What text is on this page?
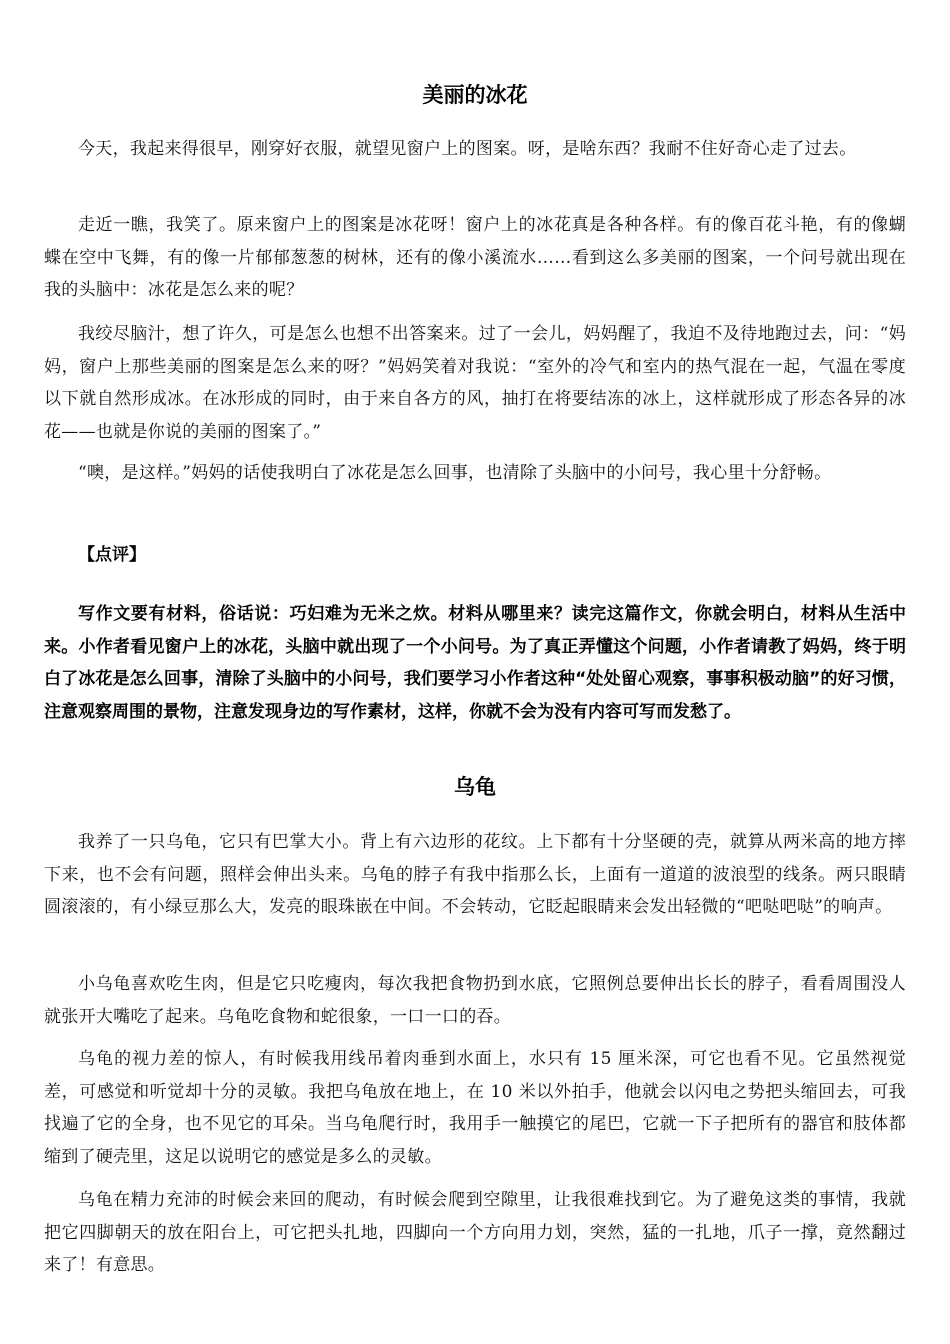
美丽的冰花

今天，我起来得很早，刚穿好衣服，就望见窗户上的图案。呀，是啥东西？我耐不住好奇心走了过去。

走近一瞧，我笑了。原来窗户上的图案是冰花呀！窗户上的冰花真是各种各样。有的像百花斗艳，有的像蝴蝶在空中飞舞，有的像一片郁郁葱葱的树林，还有的像小溪流水……看到这么多美丽的图案，一个问号就出现在我的头脑中：冰花是怎么来的呢？

我绞尽脑汁，想了许久，可是怎么也想不出答案来。过了一会儿，妈妈醒了，我迫不及待地跑过去，问：“妈妈，窗户上那些美丽的图案是怎么来的呀？”妈妈笑着对我说：“室外的冷气和室内的热气混在一起，气温在零度以下就自然形成冰。在冰形成的同时，由于来自各方的风，抽打在将要结冻的冰上，这样就形成了形态各异的冰花——也就是你说的美丽的图案了。”

“噢，是这样。”妈妈的话使我明白了冰花是怎么回事，也清除了头脑中的小问号，我心里十分舒畅。

【点评】

写作文要有材料，俗话说：巧妇难为无米之炊。材料从哪里来？读完这篇作文，你就会明白，材料从生活中来。小作者看见窗户上的冰花，头脑中就出现了一个小问号。为了真正弄懂这个问题，小作者请教了妈妈，终于明白了冰花是怎么回事，清除了头脑中的小问号，我们要学习小作者这种“处处留心观察，事事积极动脑”的好习惯，注意观察周围的景物，注意发现身边的写作素材，这样，你就不会为没有内容可写而发愁了。

乌龟

我养了一只乌龟，它只有巴掌大小。背上有六边形的花纹。上下都有十分坚硬的壳，就算从两米高的地方摔下来，也不会有问题，照样会伸出头来。乌龟的脖子有我中指那么长，上面有一道道的波浪型的线条。两只眼睛圆滚滚的，有小绿豆那么大，发亮的眼珠嵌在中间。不会转动，它眨起眼睛来会发出轻微的“吧哒吧哒”的响声。

小乌龟喜欢吃生肉，但是它只吃瘦肉，每次我把食物扔到水底，它照例总要伸出长长的脖子，看看周围没人就张开大嘴吃了起来。乌龟吃食物和蛇很象，一口一口的吞。

乌龟的视力差的惊人，有时候我用线吊着肉垂到水面上，水只有 15 厘米深，可它也看不见。它虽然视觉差，可感觉和听觉却十分的灵敏。我把乌龟放在地上，在 10 米以外拍手，他就会以闪电之势把头缩回去，可我找遍了它的全身，也不见它的耳朵。当乌龟爬行时，我用手一触摸它的尾巴，它就一下子把所有的器官和肢体都缩到了硬壳里，这足以说明它的感觉是多么的灵敏。

乌龟在精力充沛的时候会来回的爬动，有时候会爬到空隙里，让我很难找到它。为了避免这类的事情，我就把它四脚朝天的放在阳台上，可它把头扎地，四脚向一个方向用力划，突然，猛的一扎地，爪子一撑，竟然翻过来了！有意思。
